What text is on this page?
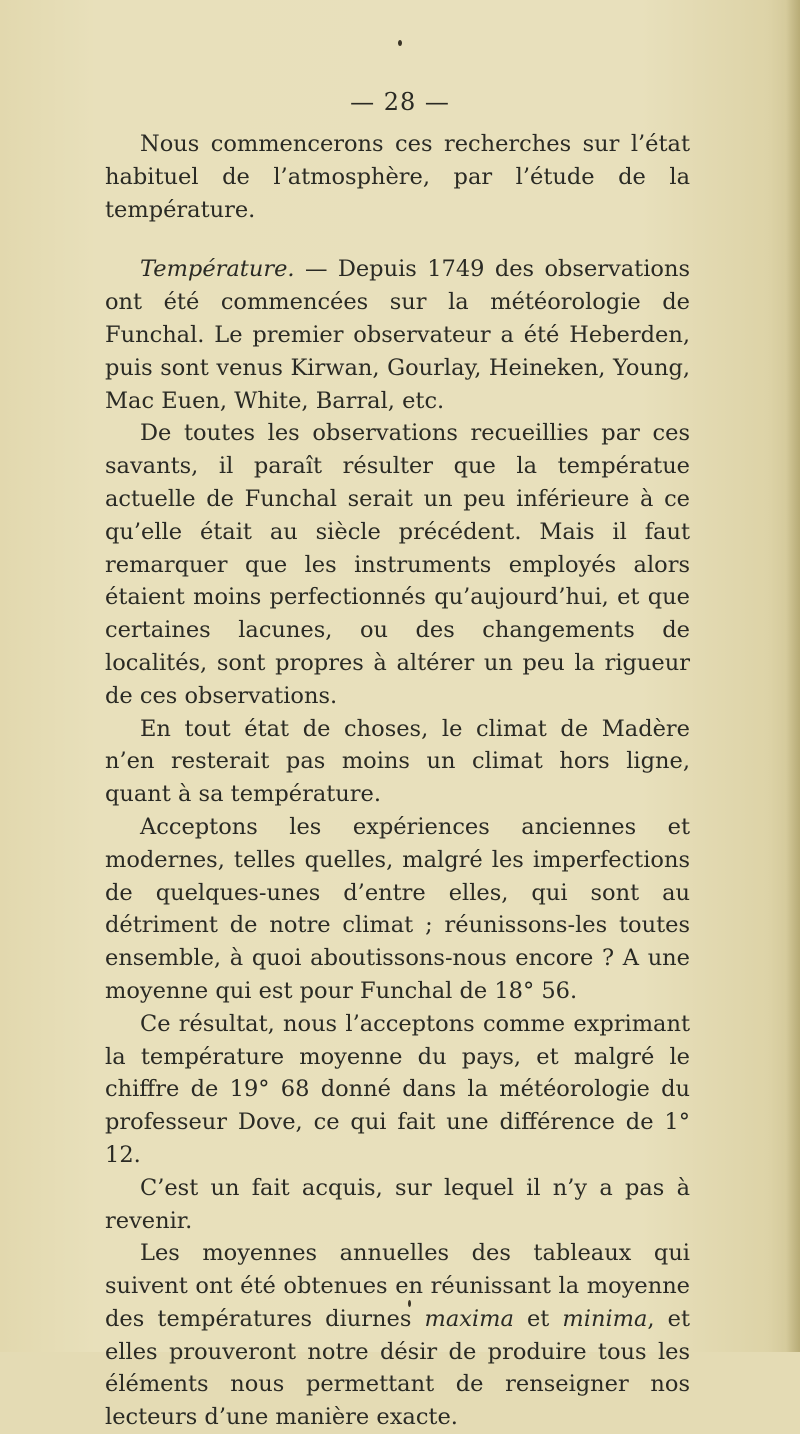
— 28 —

Nous commencerons ces recherches sur l’état habituel de l’atmosphère, par l’étude de la température.

Température. — Depuis 1749 des observations ont été commencées sur la météorologie de Funchal. Le premier observateur a été Heberden, puis sont venus Kirwan, Gourlay, Heineken, Young, Mac Euen, White, Barral, etc.

De toutes les observations recueillies par ces savants, il paraît résulter que la températue actuelle de Funchal serait un peu inférieure à ce qu’elle était au siècle précédent. Mais il faut remarquer que les instruments employés alors étaient moins perfectionnés qu’aujourd’hui, et que certaines lacunes, ou des changements de localités, sont propres à altérer un peu la rigueur de ces observations.

En tout état de choses, le climat de Madère n’en resterait pas moins un climat hors ligne, quant à sa température.

Acceptons les expériences anciennes et modernes, telles quelles, malgré les imperfections de quelques-unes d’entre elles, qui sont au détriment de notre climat ; réunissons-les toutes ensemble, à quoi aboutissons-nous encore ? A une moyenne qui est pour Funchal de 18° 56.

Ce résultat, nous l’acceptons comme exprimant la température moyenne du pays, et malgré le chiffre de 19° 68 donné dans la météorologie du professeur Dove, ce qui fait une différence de 1° 12.

C’est un fait acquis, sur lequel il n’y a pas à revenir.

Les moyennes annuelles des tableaux qui suivent ont été obtenues en réunissant la moyenne des températures diurnes maxima et minima, et elles prouveront notre désir de produire tous les éléments nous permettant de renseigner nos lecteurs d’une manière exacte.
